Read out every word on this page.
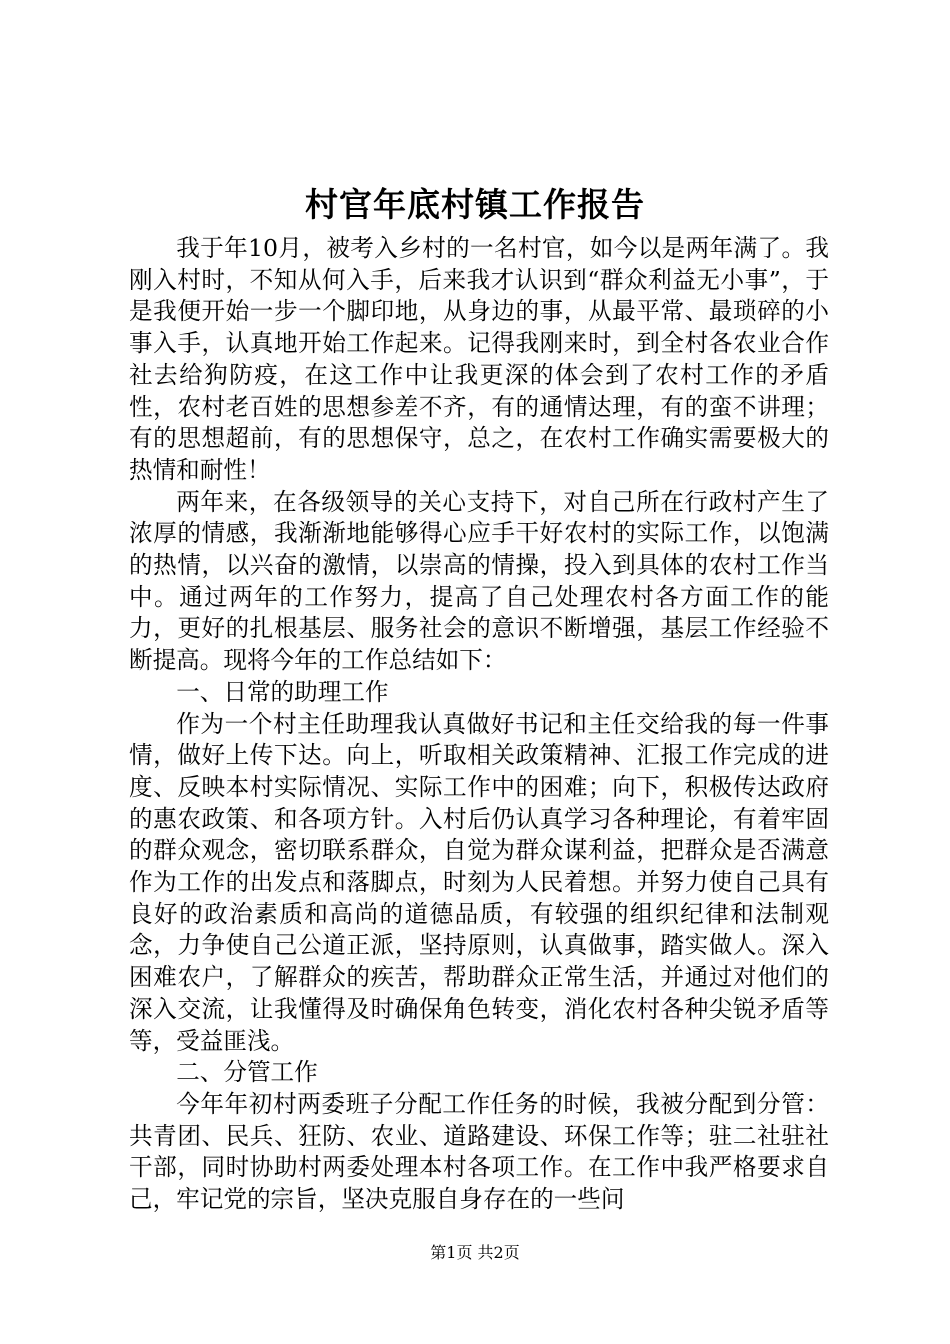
村官年底村镇工作报告

我于年10月，被考入乡村的一名村官，如今以是两年满了。我刚入村时，不知从何入手，后来我才认识到“群众利益无小事”，于是我便开始一步一个脚印地，从身边的事，从最平常、最琐碎的小事入手，认真地开始工作起来。记得我刚来时，到全村各农业合作社去给狗防疫，在这工作中让我更深的体会到了农村工作的矛盾性，农村老百姓的思想参差不齐，有的通情达理，有的蛮不讲理；有的思想超前，有的思想保守，总之，在农村工作确实需要极大的热情和耐性！

两年来，在各级领导的关心支持下，对自己所在行政村产生了浓厚的情感，我渐渐地能够得心应手干好农村的实际工作，以饱满的热情，以兴奋的激情，以崇高的情操，投入到具体的农村工作当中。通过两年的工作努力，提高了自己处理农村各方面工作的能力，更好的扎根基层、服务社会的意识不断增强，基层工作经验不断提高。现将今年的工作总结如下：

一、日常的助理工作

作为一个村主任助理我认真做好书记和主任交给我的每一件事情，做好上传下达。向上，听取相关政策精神、汇报工作完成的进度、反映本村实际情况、实际工作中的困难；向下，积极传达政府的惠农政策、和各项方针。入村后仍认真学习各种理论，有着牢固的群众观念，密切联系群众，自觉为群众谋利益，把群众是否满意作为工作的出发点和落脚点，时刻为人民着想。并努力使自己具有良好的政治素质和高尚的道德品质，有较强的组织纪律和法制观念，力争使自己公道正派，坚持原则，认真做事，踏实做人。深入困难农户，了解群众的疾苦，帮助群众正常生活，并通过对他们的深入交流，让我懂得及时确保角色转变，消化农村各种尖锐矛盾等等，受益匪浅。

二、分管工作

今年年初村两委班子分配工作任务的时候，我被分配到分管：共青团、民兵、狂防、农业、道路建设、环保工作等；驻二社驻社干部，同时协助村两委处理本村各项工作。在工作中我严格要求自己，牢记党的宗旨，坚决克服自身存在的一些问

第1页 共2页
